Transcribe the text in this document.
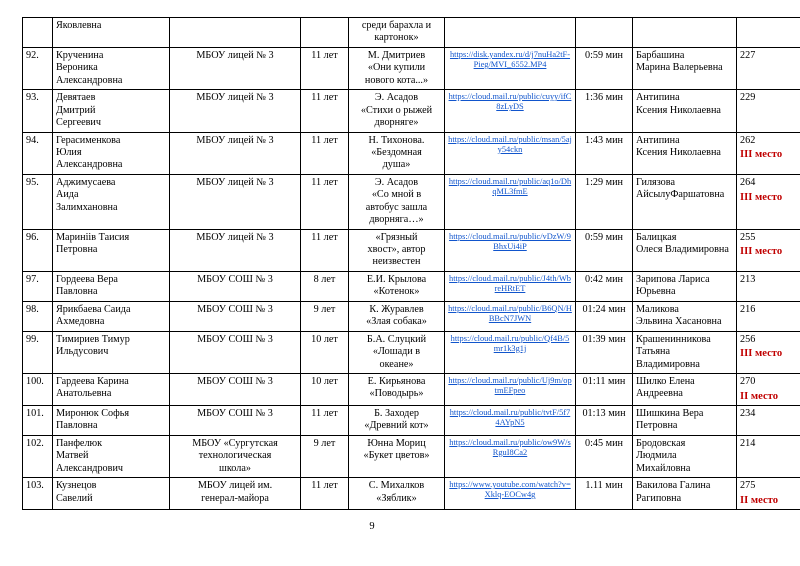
	Яковлевна			среди барахла и
картонок»				

92.	Крученина
Вероника
Александровна	МБОУ лицей № 3	11 лет	М. Дмитриев
«Они купили
нового кота...»	https://disk.yandex.ru/d/j7nuHa2tF-Pieg/MVI_6552.MP4	0:59 мин	Барбашина
Марина Валерьевна	227

93.	Девятаев
Дмитрий
Сергеевич	МБОУ лицей № 3	11 лет	Э. Асадов
«Стихи о рыжей
дворняге»	https://cloud.mail.ru/public/cuyy/ifC8zLyDS	1:36 мин	Антипина
Ксения Николаевна	229

94.	Герасименкова
Юлия
Александровна	МБОУ лицей № 3	11 лет	Н. Тихонова.
«Бездомная
душа»	https://cloud.mail.ru/public/msan/5ajy54ckn	1:43 мин	Антипина
Ксения Николаевна	262
III место

95.	Аджимусаева
Аида
Залимхановна	МБОУ лицей № 3	11 лет	Э. Асадов
«Со мной в
автобус зашла
дворняга…»	https://cloud.mail.ru/public/aq1o/DhqML3fmE	1:29 мин	Гилязова
АйсылуФаршатовна	264
III место

96.	Мариніів Таисия
Петровна	МБОУ лицей № 3	11 лет	«Грязный
хвост», автор
неизвестен	https://cloud.mail.ru/public/vDzW/9BhxUi4iP	0:59 мин	Балицкая
Олеся Владимировна	255
III место

97.	Гордеева Вера
Павловна	МБОУ СОШ № 3	8 лет	Е.И. Крылова
«Котенок»	https://cloud.mail.ru/public/J4th/WbreHRtET	0:42 мин	Зарипова Лариса
Юрьевна	213

98.	Ярикбаева Саида
Ахмедовна	МБОУ СОШ № 3	9 лет	К. Журавлев
«Злая собака»	https://cloud.mail.ru/public/B6QN/HBBcN7JWN	01:24 мин	Маликова
Эльвина Хасановна	216

99.	Тимириев Тимур
Ильдусович	МБОУ СОШ № 3	10 лет	Б.А. Слуцкий
«Лошади в
океане»	https://cloud.mail.ru/public/Qf4B/5mr1k3g1j	01:39 мин	Крашенинникова
Татьяна
Владимировна	256
III место

100.	Гардеева Карина
Анатольевна	МБОУ СОШ № 3	10 лет	Е. Кирьянова
«Поводырь»	https://cloud.mail.ru/public/Uj9m/optmEFpeo	01:11 мин	Шилко Елена
Андреевна	270
II место

101.	Миронюк Софья
Павловна	МБОУ СОШ № 3	11 лет	Б. Заходер
«Древний кот»	https://cloud.mail.ru/public/tvtF/5f74AYpN5	01:13 мин	Шишкина Вера
Петровна	234

102.	Панфелюк
Матвей
Александрович	МБОУ «Сургутская
технологическая
школа»	9 лет	Юнна Мориц
«Букет цветов»	https://cloud.mail.ru/public/ow9W/sRguI8Ca2	0:45 мин	Бродовская
Людмила Михайловна	214

103.	Кузнецов
Савелий	МБОУ лицей им.
генерал-майора	11 лет	С. Михалков
«Зяблик»	https://www.youtube.com/watch?v=Xklq-EOCw4g	1.11 мин	Вакилова Галина
Рагиповна	275
II место
9
